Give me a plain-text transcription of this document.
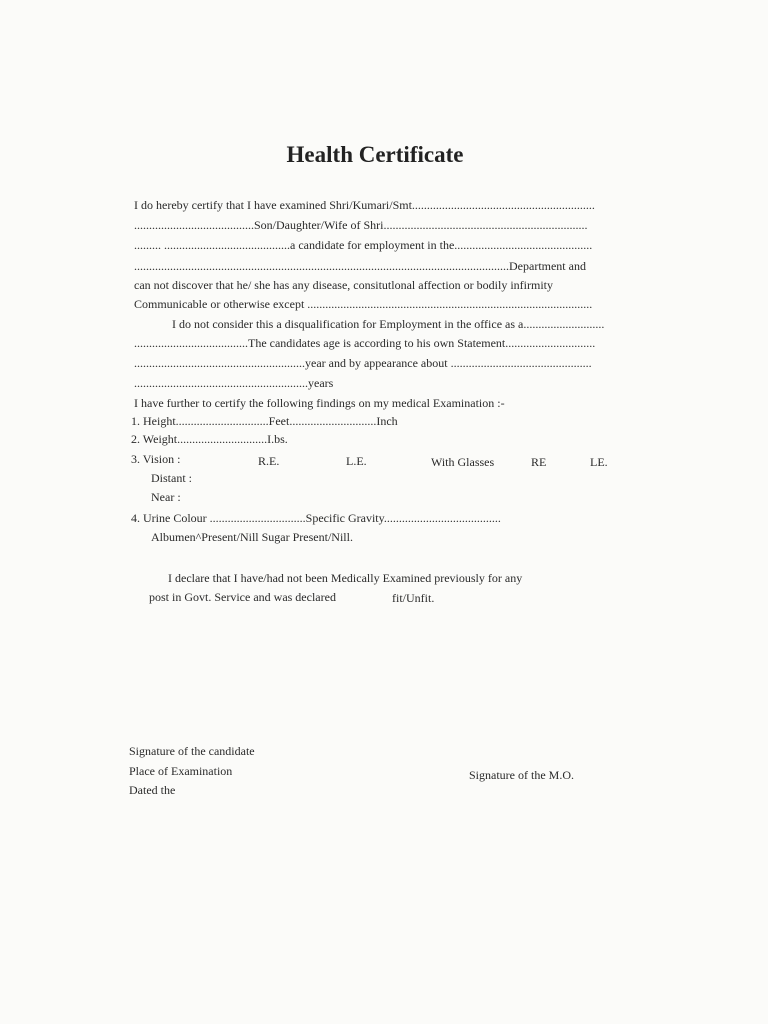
Health Certificate
I do hereby certify that I have examined Shri/Kumari/Smt.............................................................
........................................Son/Daughter/Wife of Shri....................................................................
......... ..........................................a candidate for employment in the..............................................
.............................................................................................................................Department and
can not discover that he/ she has any disease, consitutlonal affection or bodily infirmity
Communicable or otherwise except ...............................................................................................
I do not consider this a disqualification for Employment in the office as a...........................
......................................The candidates age is according to his own Statement..............................
.........................................................year and by appearance about ...............................................
..........................................................years
I have further to certify the following findings on my medical Examination :-
1. Height...............................Feet.............................Inch
2. Weight..............................I.bs.
3. Vision :	R.E.	L.E.	With Glasses	RE	LE.
Distant :
Near :
4. Urine Colour ................................Specific Gravity.......................................
Albumen^Present/Nill Sugar Present/Nill.
I declare that I have/had not been Medically Examined previously for any
post in Govt. Service and was declared	fit/Unfit.
Signature of the candidate
Place of Examination
Dated the
Signature of the M.O.
